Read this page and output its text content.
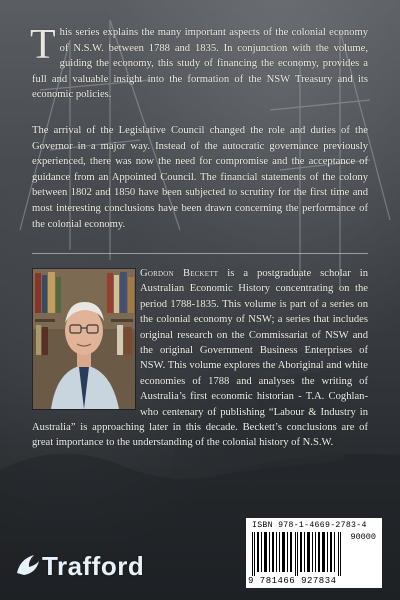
This series explains the many important aspects of the colonial economy of N.S.W. between 1788 and 1835. In conjunction with the volume, guiding the economy, this study of financing the economy, provides a full and valuable insight into the formation of the NSW Treasury and its economic policies.
The arrival of the Legislative Council changed the role and duties of the Governor in a major way. Instead of the autocratic governance previously experienced, there was now the need for compromise and the acceptance of guidance from an Appointed Council. The financial statements of the colony between 1802 and 1850 have been subjected to scrutiny for the first time and most interesting conclusions have been drawn concerning the performance of the colonial economy.
Gordon Beckett is a postgraduate scholar in Australian Economic History concentrating on the period 1788-1835. This volume is part of a series on the colonial economy of NSW; a series that includes original research on the Commissariat of NSW and the original Government Business Enterprises of NSW. This volume explores the Aboriginal and white economies of 1788 and analyses the writing of Australia’s first economic historian - T.A. Coghlan- who centenary of publishing “Labour & Industry in Australia” is approaching later in this decade. Beckett’s conclusions are of great importance to the understanding of the colonial history of N.S.W.
Trafford
ISBN 978-1-4669-2783-4
90000
9 781466 927834
